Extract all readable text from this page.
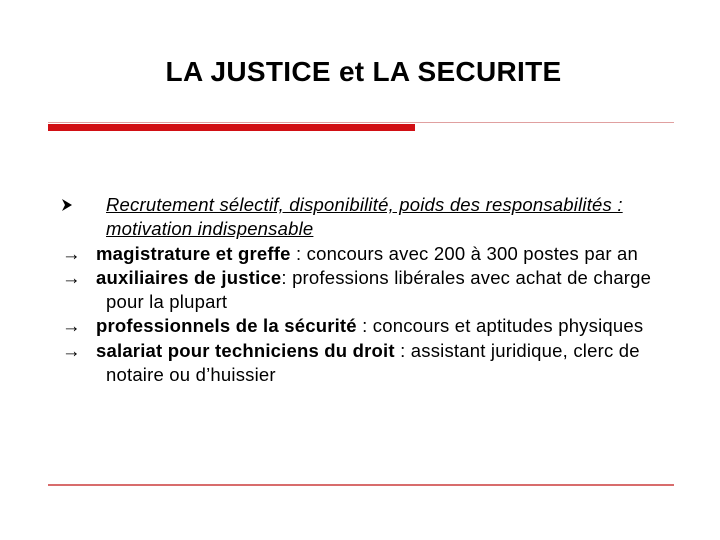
LA JUSTICE et LA SECURITE
Recrutement sélectif, disponibilité, poids des responsabilités : motivation indispensable
→ magistrature et greffe : concours avec 200 à 300 postes par an
→ auxiliaires de justice: professions libérales avec achat de charge pour la plupart
→ professionnels de la sécurité : concours et aptitudes physiques
→ salariat pour techniciens du droit : assistant juridique, clerc de notaire ou d’huissier
